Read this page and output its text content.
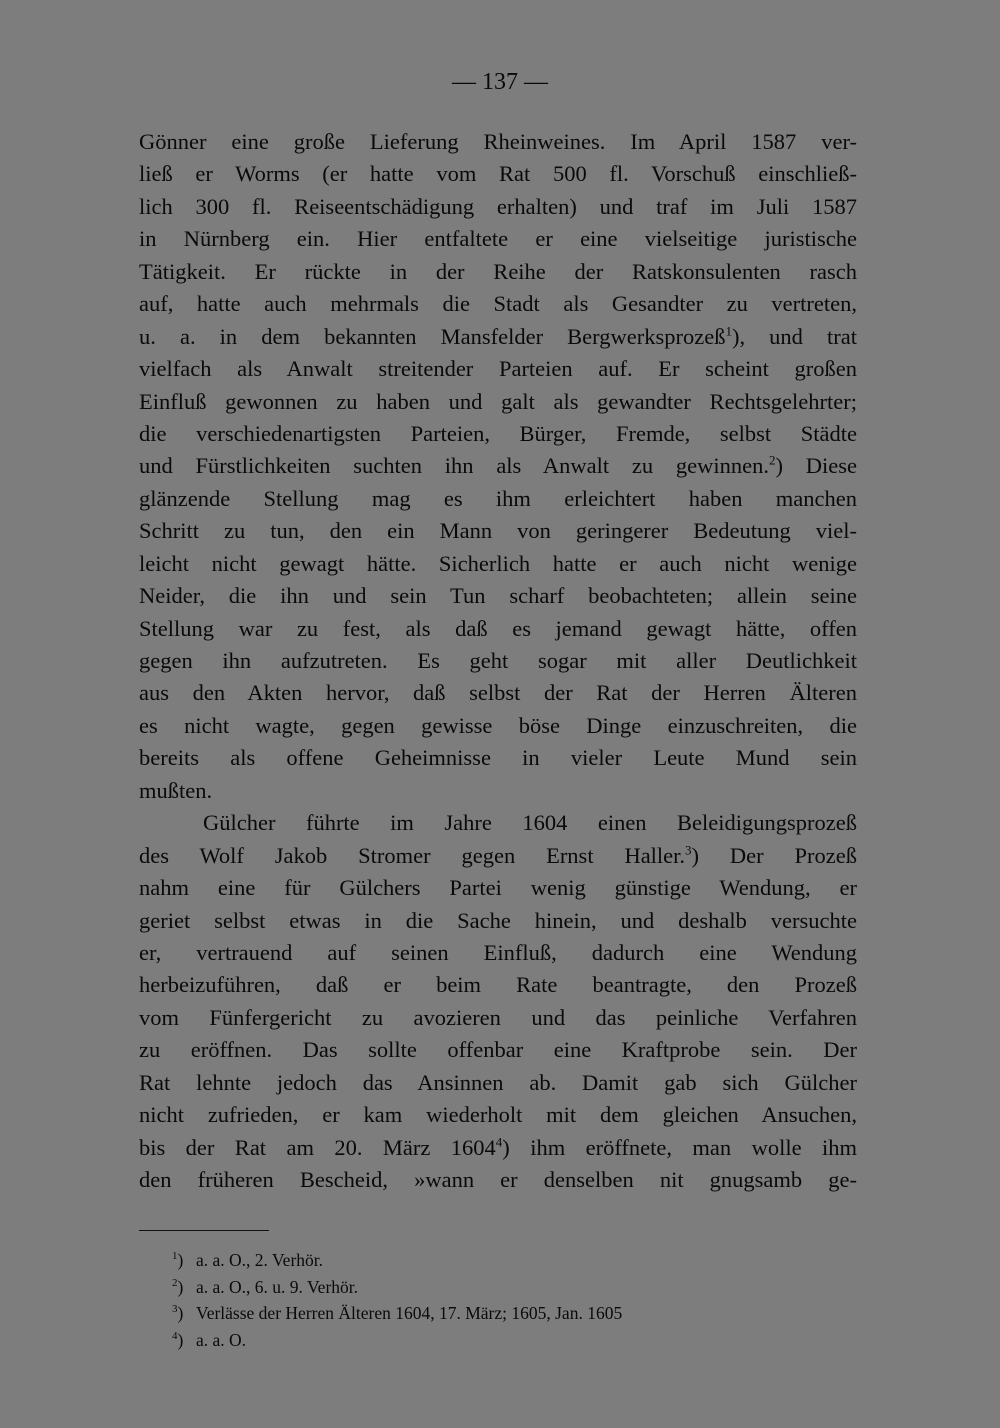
— 137 —
Gönner eine große Lieferung Rheinweines. Im April 1587 ver-
ließ er Worms (er hatte vom Rat 500 fl. Vorschuß einschließ-
lich 300 fl. Reiseentschädigung erhalten) und traf im Juli 1587
in Nürnberg ein. Hier entfaltete er eine vielseitige juristische
Tätigkeit. Er rückte in der Reihe der Ratskonsulenten rasch
auf, hatte auch mehrmals die Stadt als Gesandter zu vertreten,
u. a. in dem bekannten Mansfelder Bergwerksprozeß$^1$), und trat
vielfach als Anwalt streitender Parteien auf. Er scheint großen
Einfluß gewonnen zu haben und galt als gewandter Rechtsgelehrter;
die verschiedenartigsten Parteien, Bürger, Fremde, selbst Städte
und Fürstlichkeiten suchten ihn als Anwalt zu gewinnen.$^2$) Diese
glänzende Stellung mag es ihm erleichtert haben manchen
Schritt zu tun, den ein Mann von geringerer Bedeutung viel-
leicht nicht gewagt hätte. Sicherlich hatte er auch nicht wenige
Neider, die ihn und sein Tun scharf beobachteten; allein seine
Stellung war zu fest, als daß es jemand gewagt hätte, offen
gegen ihn aufzutreten. Es geht sogar mit aller Deutlichkeit
aus den Akten hervor, daß selbst der Rat der Herren Älteren
es nicht wagte, gegen gewisse böse Dinge einzuschreiten, die
bereits als offene Geheimnisse in vieler Leute Mund sein
mußten.
Gülcher führte im Jahre 1604 einen Beleidigungsprozeß
des Wolf Jakob Stromer gegen Ernst Haller.$^3$) Der Prozeß
nahm eine für Gülchers Partei wenig günstige Wendung, er
geriet selbst etwas in die Sache hinein, und deshalb versuchte
er, vertrauend auf seinen Einfluß, dadurch eine Wendung
herbeizuführen, daß er beim Rate beantragte, den Prozeß
vom Fünfergericht zu avozieren und das peinliche Verfahren
zu eröffnen. Das sollte offenbar eine Kraftprobe sein. Der
Rat lehnte jedoch das Ansinnen ab. Damit gab sich Gülcher
nicht zufrieden, er kam wiederholt mit dem gleichen Ansuchen,
bis der Rat am 20. März 1604$^4$) ihm eröffnete, man wolle ihm
den früheren Bescheid, »wann er denselben nit gnugsamb ge-
$^1$) a. a. O., 2. Verhör.
$^2$) a. a. O., 6. u. 9. Verhör.
$^3$) Verlässe der Herren Älteren 1604, 17. März; 1605, Jan. 1605
$^4$) a. a. O.
